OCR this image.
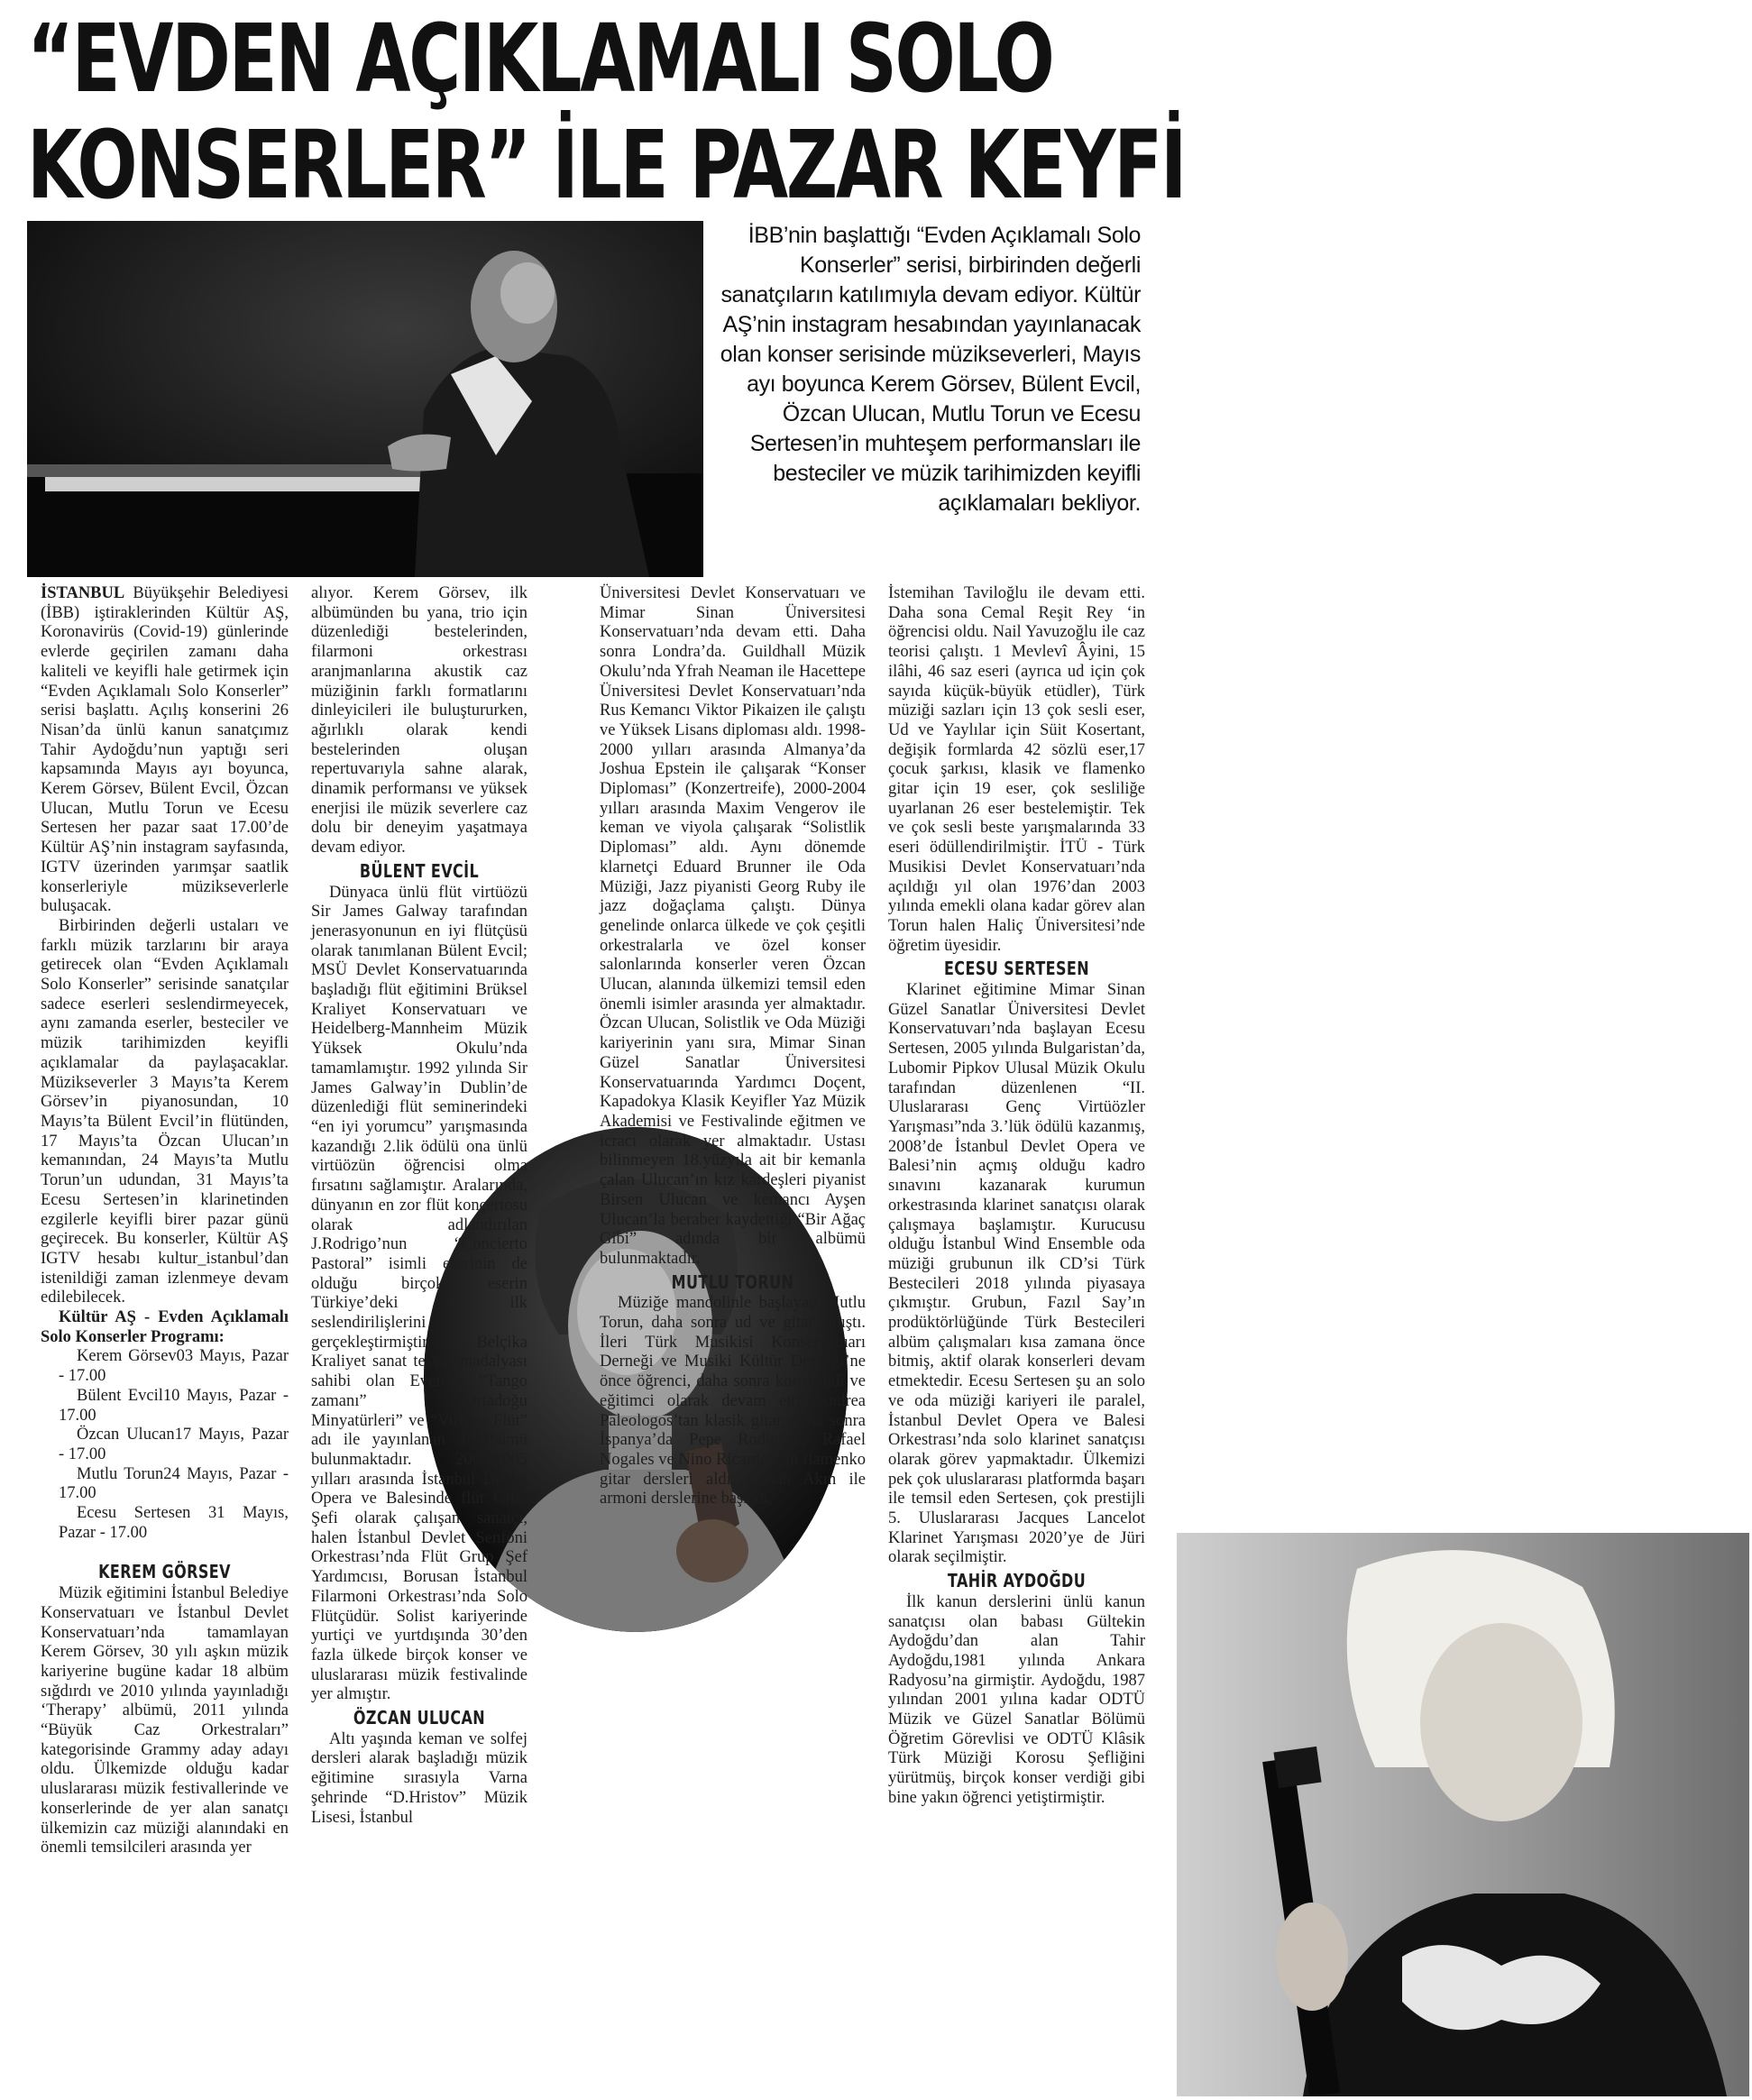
“EVDEN AÇIKLAMALI SOLO
KONSERLER” İLE PAZAR KEYFİ

İBB’nin başlattığı “Evden Açıklamalı Solo Konserler” serisi, birbirinden değerli sanatçıların katılımıyla devam ediyor. Kültür AŞ’nin instagram hesabından yayınlanacak olan konser serisinde müzikseverleri, Mayıs ayı boyunca Kerem Görsev, Bülent Evcil, Özcan Ulucan, Mutlu Torun ve Ecesu Sertesen’in muhteşem performansları ile besteciler ve müzik tarihimizden keyifli açıklamaları bekliyor.

İSTANBUL Büyükşehir Belediyesi (İBB) iştiraklerinden Kültür AŞ, Koronavirüs (Covid-19) günlerinde evlerde geçirilen zamanı daha kaliteli ve keyifli hale getirmek için “Evden Açıklamalı Solo Konserler” serisi başlattı. Açılış konserini 26 Nisan’da ünlü kanun sanatçımız Tahir Aydoğdu’nun yaptığı seri kapsamında Mayıs ayı boyunca, Kerem Görsev, Bülent Evcil, Özcan Ulucan, Mutlu Torun ve Ecesu Sertesen her pazar saat 17.00’de Kültür AŞ’nin instagram sayfasında, IGTV üzerinden yarımşar saatlik konserleriyle müzikseverlerle buluşacak.

Birbirinden değerli ustaları ve farklı müzik tarzlarını bir araya getirecek olan “Evden Açıklamalı Solo Konserler” serisinde sanatçılar sadece eserleri seslendirmeyecek, aynı zamanda eserler, besteciler ve müzik tarihimizden keyifli açıklamalar da paylaşacaklar. Müzikseverler 3 Mayıs’ta Kerem Görsev’in piyanosundan, 10 Mayıs’ta Bülent Evcil’in flütünden, 17 Mayıs’ta Özcan Ulucan’ın kemanından, 24 Mayıs’ta Mutlu Torun’un udundan, 31 Mayıs’ta Ecesu Sertesen’in klarinetinden ezgilerle keyifli birer pazar günü geçirecek. Bu konserler, Kültür AŞ IGTV hesabı kultur_istanbul’dan istenildiği zaman izlenmeye devam edilebilecek.

Kültür AŞ - Evden Açıklamalı Solo Konserler Programı:

Kerem Görsev03 Mayıs, Pazar - 17.00

Bülent Evcil10 Mayıs, Pazar - 17.00

Özcan Ulucan17 Mayıs, Pazar - 17.00

Mutlu Torun24 Mayıs, Pazar - 17.00

Ecesu Sertesen 31 Mayıs, Pazar - 17.00

KEREM GÖRSEV

Müzik eğitimini İstanbul Belediye Konservatuarı ve İstanbul Devlet Konservatuarı’nda tamamlayan Kerem Görsev, 30 yılı aşkın müzik kariyerine bugüne kadar 18 albüm sığdırdı ve 2010 yılında yayınladığı ‘Therapy’ albümü, 2011 yılında “Büyük Caz Orkestraları” kategorisinde Grammy aday adayı oldu. Ülkemizde olduğu kadar uluslararası müzik festivallerinde ve konserlerinde de yer alan sanatçı ülkemizin caz müziği alanındaki en önemli temsilcileri arasında yer

alıyor. Kerem Görsev, ilk albümünden bu yana, trio için düzenlediği bestelerinden, filarmoni orkestrası aranjmanlarına akustik caz müziğinin farklı formatlarını dinleyicileri ile buluştururken, ağırlıklı olarak kendi bestelerinden oluşan repertuvarıyla sahne alarak, dinamik performansı ve yüksek enerjisi ile müzik severlere caz dolu bir deneyim yaşatmaya devam ediyor.

BÜLENT EVCİL

Dünyaca ünlü flüt virtüözü Sir James Galway tarafından jenerasyonunun en iyi flütçüsü olarak tanımlanan Bülent Evcil; MSÜ Devlet Konservatuarında başladığı flüt eğitimini Brüksel Kraliyet Konservatuarı ve Heidelberg-Mannheim Müzik Yüksek Okulu’nda tamamlamıştır. 1992 yılında Sir James Galway’in Dublin’de düzenlediği flüt seminerindeki “en iyi yorumcu” yarışmasında kazandığı 2.lik ödülü ona ünlü virtüözün öğrencisi olma fırsatını sağlamıştır. Aralarında, dünyanın en zor flüt konçertosu olarak adlandırılan J.Rodrigo’nun “Concierto Pastoral” isimli eserinin de olduğu birçok eserin Türkiye’deki ilk seslendirilişlerini gerçekleştirmiştir. Belçika Kraliyet sanat teşvik madalyası sahibi olan Evcil’in “Tango zamanı” “Ortadoğu Minyatürleri” ve “Virtüoz Flüt” adı ile yayınlanan 3 albümü bulunmaktadır. 2000-2005 yılları arasında İstanbul Devlet Opera ve Balesinde flüt Grup Şefi olarak çalışan sanatçı, halen İstanbul Devlet Senfoni Orkestrası’nda Flüt Grup Şef Yardımcısı, Borusan İstanbul Filarmoni Orkestrası’nda Solo Flütçüdür. Solist kariyerinde yurtiçi ve yurtdışında 30’den fazla ülkede birçok konser ve uluslararası müzik festivalinde yer almıştır.

ÖZCAN ULUCAN

Altı yaşında keman ve solfej dersleri alarak başladığı müzik eğitimine sırasıyla Varna şehrinde “D.Hristov” Müzik Lisesi, İstanbul

Üniversitesi Devlet Konservatuarı ve Mimar Sinan Üniversitesi Konservatuarı’nda devam etti. Daha sonra Londra’da. Guildhall Müzik Okulu’nda Yfrah Neaman ile Hacettepe Üniversitesi Devlet Konservatuarı’nda Rus Kemancı Viktor Pikaizen ile çalıştı ve Yüksek Lisans diploması aldı. 1998-2000 yılları arasında Almanya’da Joshua Epstein ile çalışarak “Konser Diploması” (Konzertreife), 2000-2004 yılları arasında Maxim Vengerov ile keman ve viyola çalışarak “Solistlik Diploması” aldı. Aynı dönemde klarnetçi Eduard Brunner ile Oda Müziği, Jazz piyanisti Georg Ruby ile jazz doğaçlama çalıştı. Dünya genelinde onlarca ülkede ve çok çeşitli orkestralarla ve özel konser salonlarında konserler veren Özcan Ulucan, alanında ülkemizi temsil eden önemli isimler arasında yer almaktadır. Özcan Ulucan, Solistlik ve Oda Müziği kariyerinin yanı sıra, Mimar Sinan Güzel Sanatlar Üniversitesi Konservatuarında Yardımcı Doçent, Kapadokya Klasik Keyifler Yaz Müzik Akademisi ve Festivalinde eğitmen ve icracı olarak yer almaktadır. Ustası bilinmeyen 18.yüzyıla ait bir kemanla çalan Ulucan’ın kız kardeşleri piyanist Birsen Ulucan ve kemancı Ayşen Ulucan’la beraber kaydettiği “Bir Ağaç Gibi” adında bir albümü bulunmaktadır.

MUTLU TORUN

Müziğe mandolinle başlayan Mutlu Torun, daha sonra ud ve gitar çalıştı. İleri Türk Musikisi Konservatuarı Derneği ve Musiki Kültür Derneği’ne önce öğrenci, daha sonra korist, üdî ve eğitimci olarak devam etti. Andrea Paleologos’tan klasik gitar, daha sonra İspanya’da Pepe Rodiguez, Rafael Nogales ve Nino Ricardo’dan flamenko gitar dersleri aldı. Cenan Akın ile armoni derslerine başladı,

İstemihan Taviloğlu ile devam etti. Daha sona Cemal Reşit Rey ‘in öğrencisi oldu. Nail Yavuzoğlu ile caz teorisi çalıştı. 1 Mevlevî Âyini, 15 ilâhi, 46 saz eseri (ayrıca ud için çok sayıda küçük-büyük etüdler), Türk müziği sazları için 13 çok sesli eser, Ud ve Yaylılar için Süit Kosertant, değişik formlarda 42 sözlü eser,17 çocuk şarkısı, klasik ve flamenko gitar için 19 eser, çok sesliliğe uyarlanan 26 eser bestelemiştir. Tek ve çok sesli beste yarışmalarında 33 eseri ödüllendirilmiştir. İTÜ - Türk Musikisi Devlet Konservatuarı’nda açıldığı yıl olan 1976’dan 2003 yılında emekli olana kadar görev alan Torun halen Haliç Üniversitesi’nde öğretim üyesidir.

ECESU SERTESEN

Klarinet eğitimine Mimar Sinan Güzel Sanatlar Üniversitesi Devlet Konservatuvarı’nda başlayan Ecesu Sertesen, 2005 yılında Bulgaristan’da, Lubomir Pipkov Ulusal Müzik Okulu tarafından düzenlenen “II. Uluslararası Genç Virtüözler Yarışması”nda 3.’lük ödülü kazanmış, 2008’de İstanbul Devlet Opera ve Balesi’nin açmış olduğu kadro sınavını kazanarak kurumun orkestrasında klarinet sanatçısı olarak çalışmaya başlamıştır. Kurucusu olduğu İstanbul Wind Ensemble oda müziği grubunun ilk CD’si Türk Bestecileri 2018 yılında piyasaya çıkmıştır. Grubun, Fazıl Say’ın prodüktörlüğünde Türk Bestecileri albüm çalışmaları kısa zamana önce bitmiş, aktif olarak konserleri devam etmektedir. Ecesu Sertesen şu an solo ve oda müziği kariyeri ile paralel, İstanbul Devlet Opera ve Balesi Orkestrası’nda solo klarinet sanatçısı olarak görev yapmaktadır. Ülkemizi pek çok uluslararası platformda başarı ile temsil eden Sertesen, çok prestijli 5. Uluslararası Jacques Lancelot Klarinet Yarışması 2020’ye de Jüri olarak seçilmiştir.

TAHİR AYDOĞDU

İlk kanun derslerini ünlü kanun sanatçısı olan babası Gültekin Aydoğdu’dan alan Tahir Aydoğdu,1981 yılında Ankara Radyosu’na girmiştir. Aydoğdu, 1987 yılından 2001 yılına kadar ODTÜ Müzik ve Güzel Sanatlar Bölümü Öğretim Görevlisi ve ODTÜ Klâsik Türk Müziği Korosu Şefliğini yürütmüş, birçok konser verdiği gibi bine yakın öğrenci yetiştirmiştir.
